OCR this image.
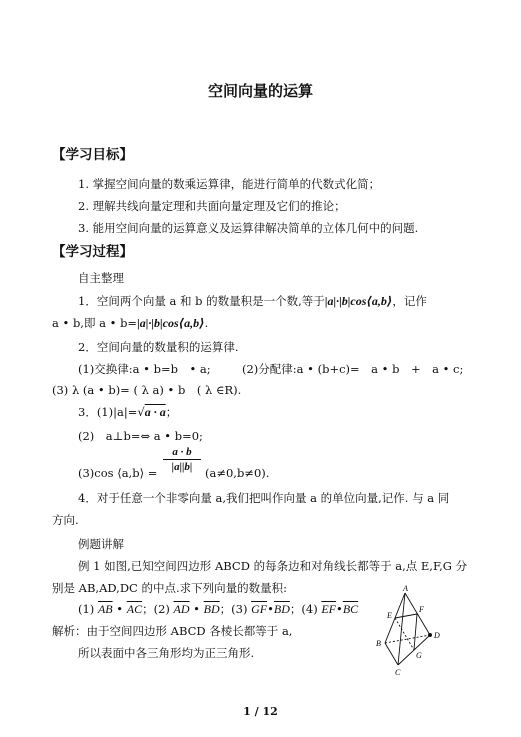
空间向量的运算
【学习目标】
1. 掌握空间向量的数乘运算律，能进行简单的代数式化简；
2. 理解共线向量定理和共面向量定理及它们的推论；
3. 能用空间向量的运算意义及运算律解决简单的立体几何中的问题.
【学习过程】
自主整理
1．空间两个向量 a 和 b 的数量积是一个数,等于|a|·|b|cos⟨a,b⟩，记作
a • b,即 a • b=|a|·|b|cos⟨a,b⟩.
2．空间向量的数量积的运算律.
(1)交换律:a • b=b　• a;	(2)分配律:a • (b+c)=　a • b　+　a • c;
(3) λ (a • b)= ( λ a) • b　( λ ∈R).
3．(1)|a|=√a · a；
(2)　a⊥b=⇔ a • b=0;
(3)cos ⟨a,b⟩ =
a · b
|a||b|	(a≠0,b≠0).
4．对于任意一个非零向量 a,我们把叫作向量 a 的单位向量,记作. 与 a 同
方向.
例题讲解
例 1 如图,已知空间四边形 ABCD 的每条边和对角线长都等于 a,点 E,F,G 分
别是 AB,AD,DC 的中点.求下列向量的数量积:
(1) $\overline{AB}$ • $\overline{AC}$；(2) $\overline{AD}$ • $\overline{BD}$；(3) $\overline{GF}•\overline{BD}$；(4) $\overline{EF}•\overline{BC}$
解析：由于空间四边形 ABCD 各棱长都等于 a,
所以表面中各三角形均为正三角形.
A
B
C
D
E
F
G
1 / 12
